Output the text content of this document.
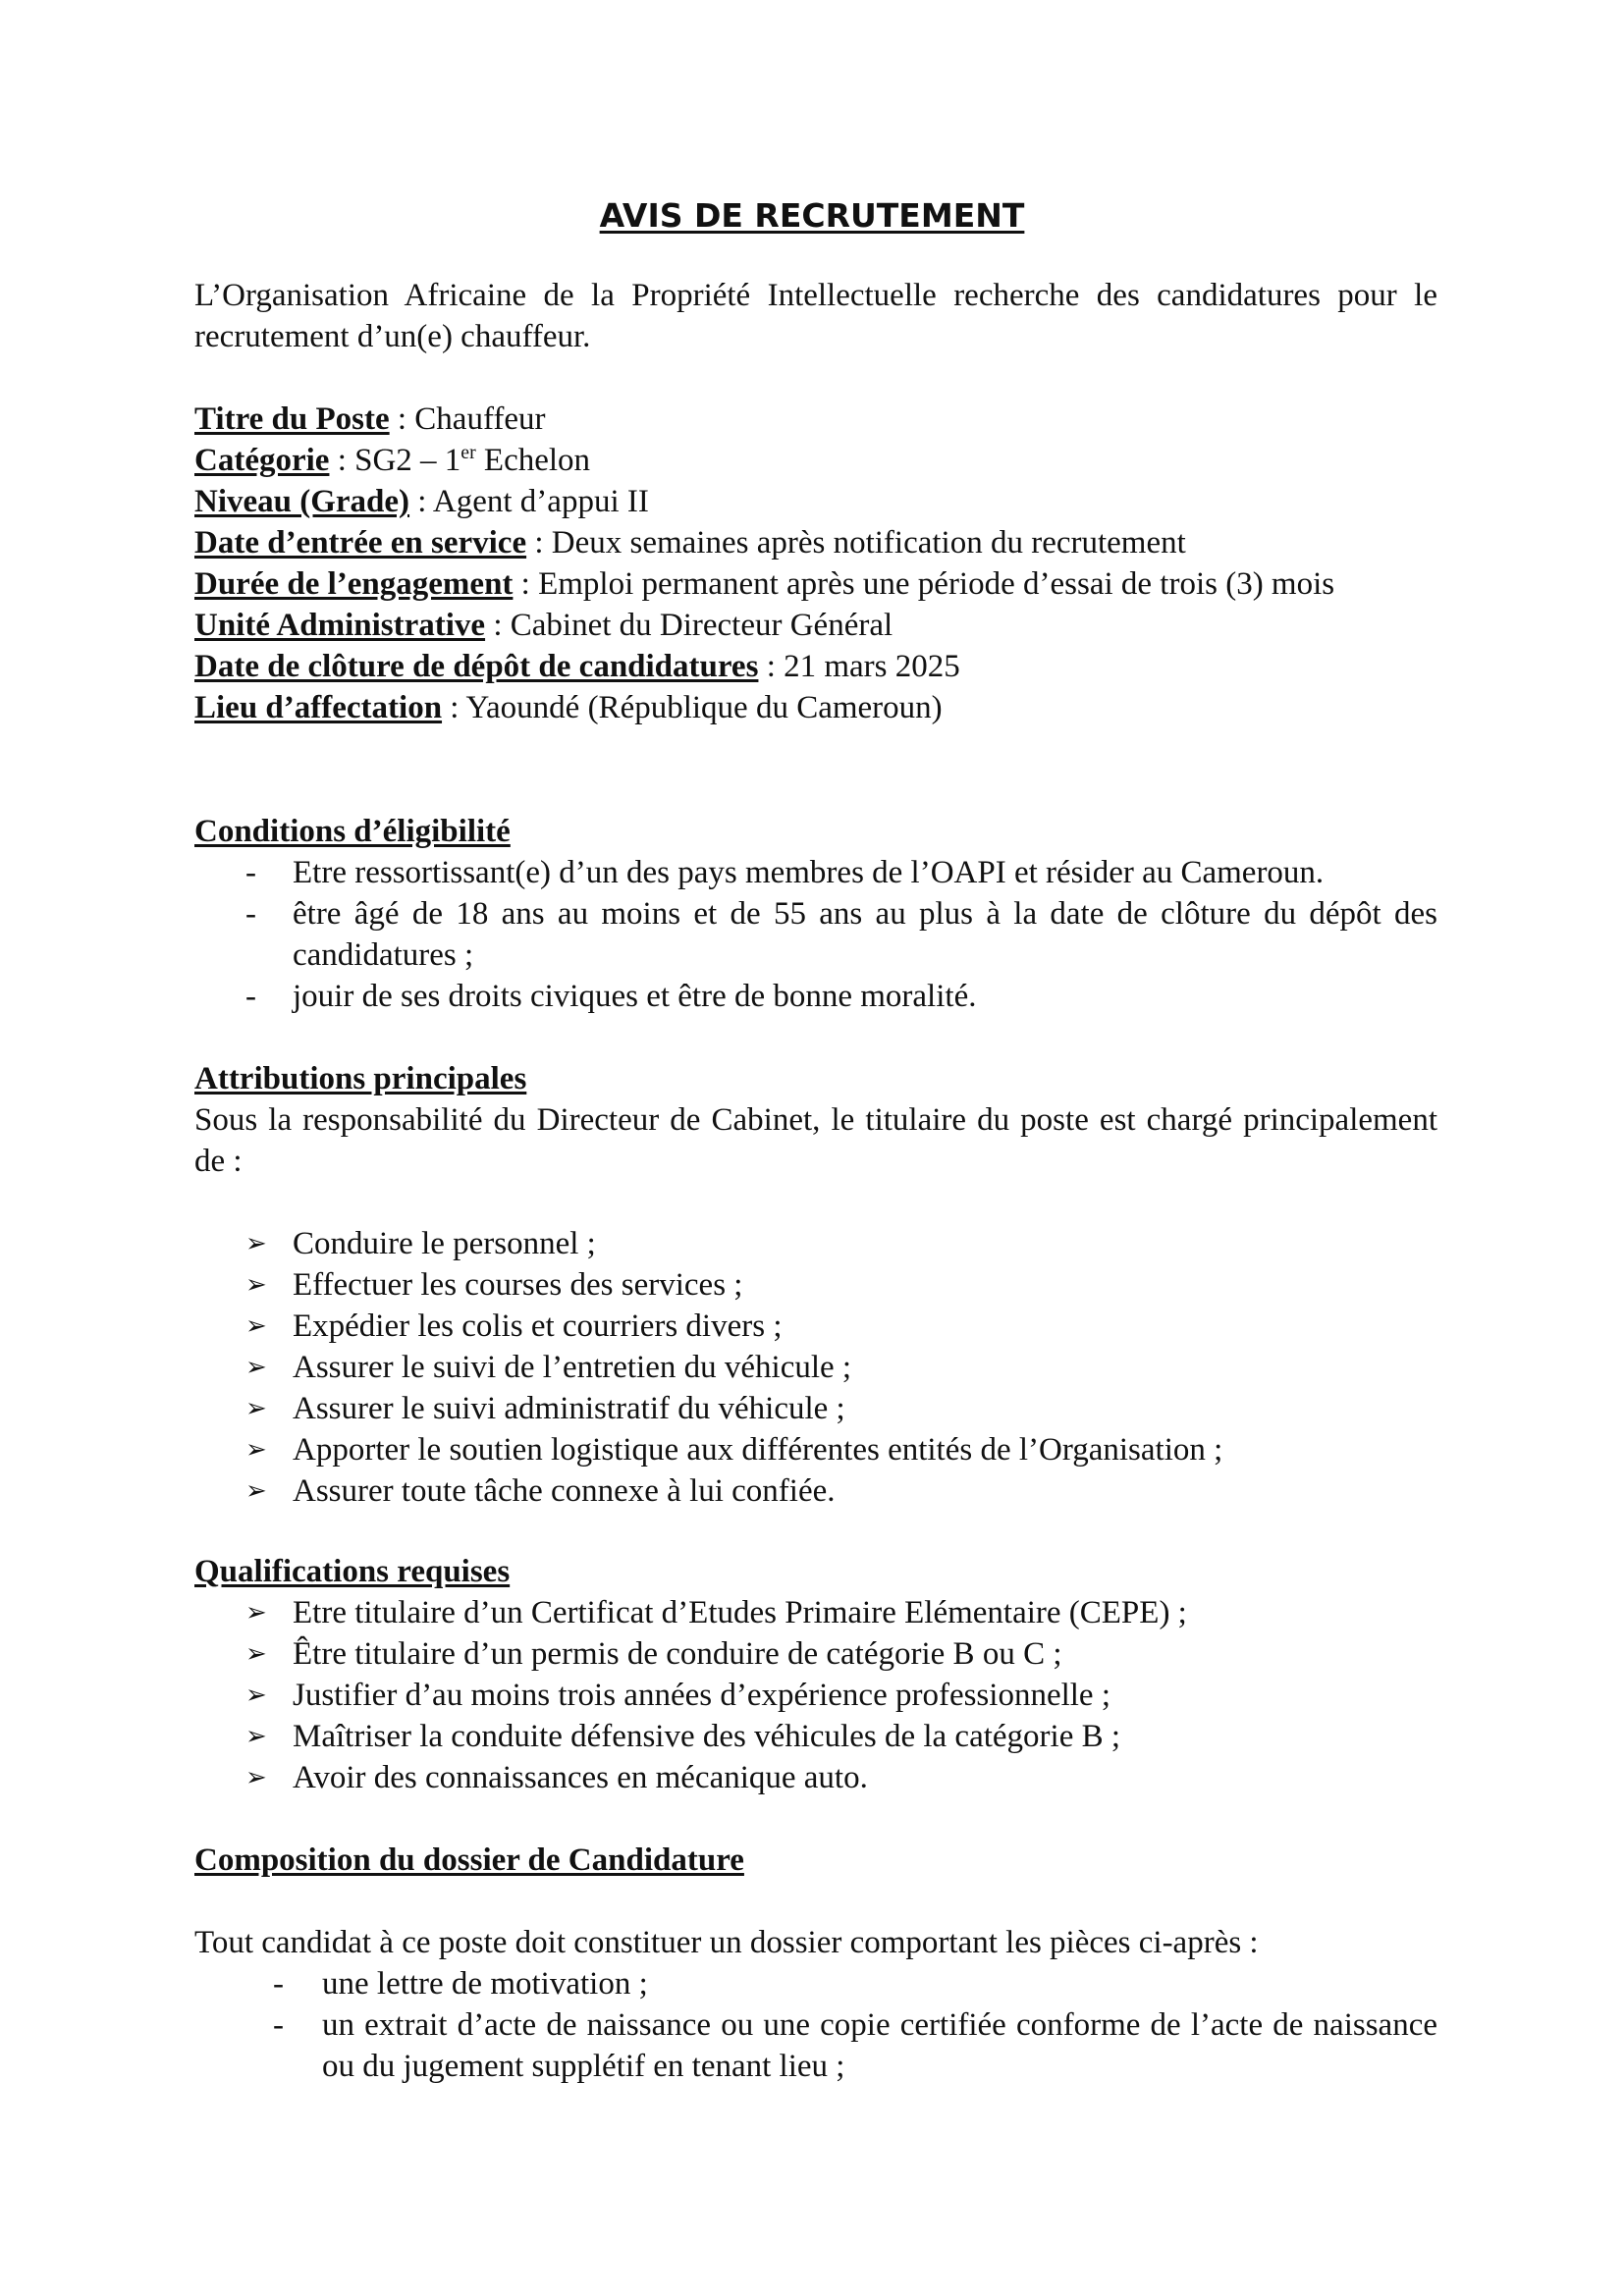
AVIS DE RECRUTEMENT
L’Organisation Africaine de la Propriété Intellectuelle recherche des candidatures pour le recrutement d’un(e) chauffeur.
Titre du Poste : Chauffeur
Catégorie : SG2 – 1er Echelon
Niveau (Grade) : Agent d’appui II
Date d’entrée en service : Deux semaines après notification du recrutement
Durée de l’engagement : Emploi permanent après une période d’essai de trois (3) mois
Unité Administrative : Cabinet du Directeur Général
Date de clôture de dépôt de candidatures : 21 mars 2025
Lieu d’affectation : Yaoundé (République du Cameroun)
Conditions d’éligibilité
- Etre ressortissant(e) d’un des pays membres de l’OAPI et résider au Cameroun.
- être âgé de 18 ans au moins et de 55 ans au plus à la date de clôture du dépôt des candidatures ;
- jouir de ses droits civiques et être de bonne moralité.
Attributions principales
Sous la responsabilité du Directeur de Cabinet, le titulaire du poste est chargé principalement de :
➢ Conduire le personnel ;
➢ Effectuer les courses des services ;
➢ Expédier les colis et courriers divers ;
➢ Assurer le suivi de l’entretien du véhicule ;
➢ Assurer le suivi administratif du véhicule ;
➢ Apporter le soutien logistique aux différentes entités de l’Organisation ;
➢ Assurer toute tâche connexe à lui confiée.
Qualifications requises
➢ Etre titulaire d’un Certificat d’Etudes Primaire Elémentaire (CEPE) ;
➢ Être titulaire d’un permis de conduire de catégorie B ou C ;
➢ Justifier d’au moins trois années d’expérience professionnelle ;
➢ Maîtriser la conduite défensive des véhicules de la catégorie B ;
➢ Avoir des connaissances en mécanique auto.
Composition du dossier de Candidature
Tout candidat à ce poste doit constituer un dossier comportant les pièces ci-après :
- une lettre de motivation ;
- un extrait d’acte de naissance ou une copie certifiée conforme de l’acte de naissance ou du jugement supplétif en tenant lieu ;
